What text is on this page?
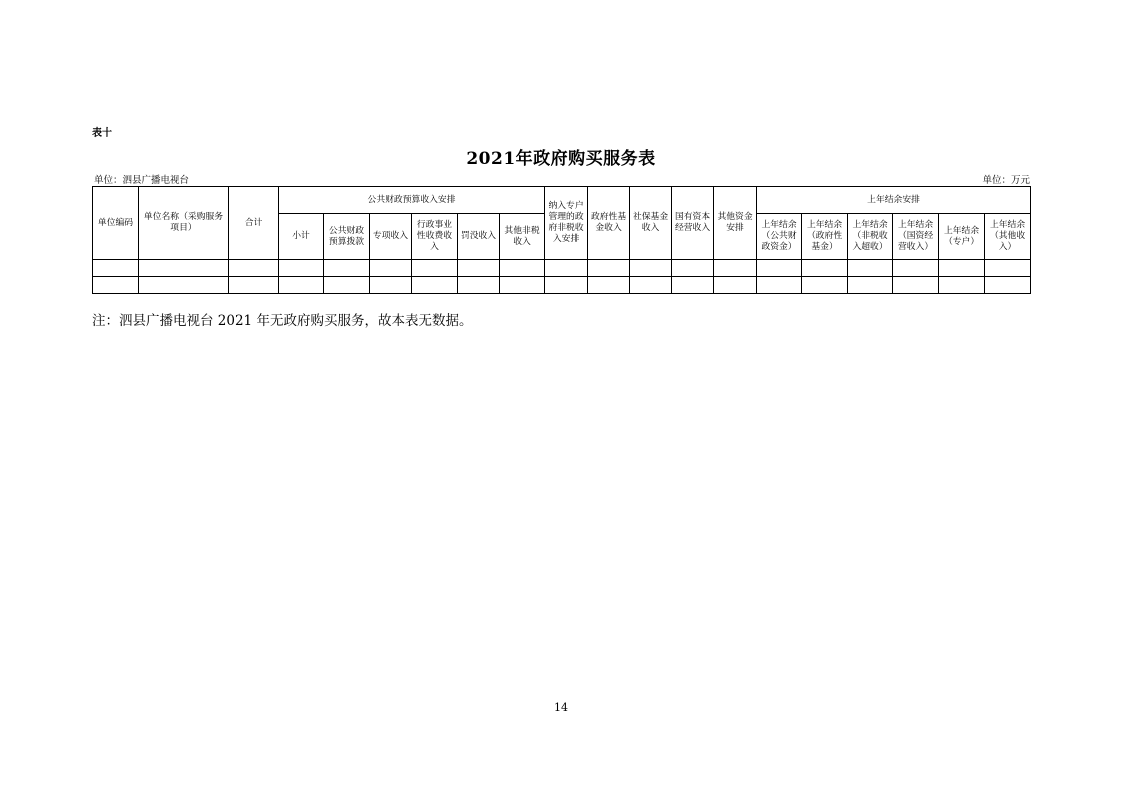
表十
2021年政府购买服务表
单位：泗县广播电视台	单位：万元
单位编码	单位名称（采购服务项目）	合计	公共财政预算收入安排						纳入专户管理的政府非税收入安排	政府性基金收入	社保基金收入	国有资本经营收入	其他资金安排	上年结余安排					
			小计	公共财政预算拨款	专项收入	行政事业性收费收入	罚没收入	其他非税收入						上年结余（公共财政资金）	上年结余（政府性基金）	上年结余（非税收入超收）	上年结余（国资经营收入）	上年结余（专户）	上年结余（其他收入）

注：泗县广播电视台 2021 年无政府购买服务，故本表无数据。
14
